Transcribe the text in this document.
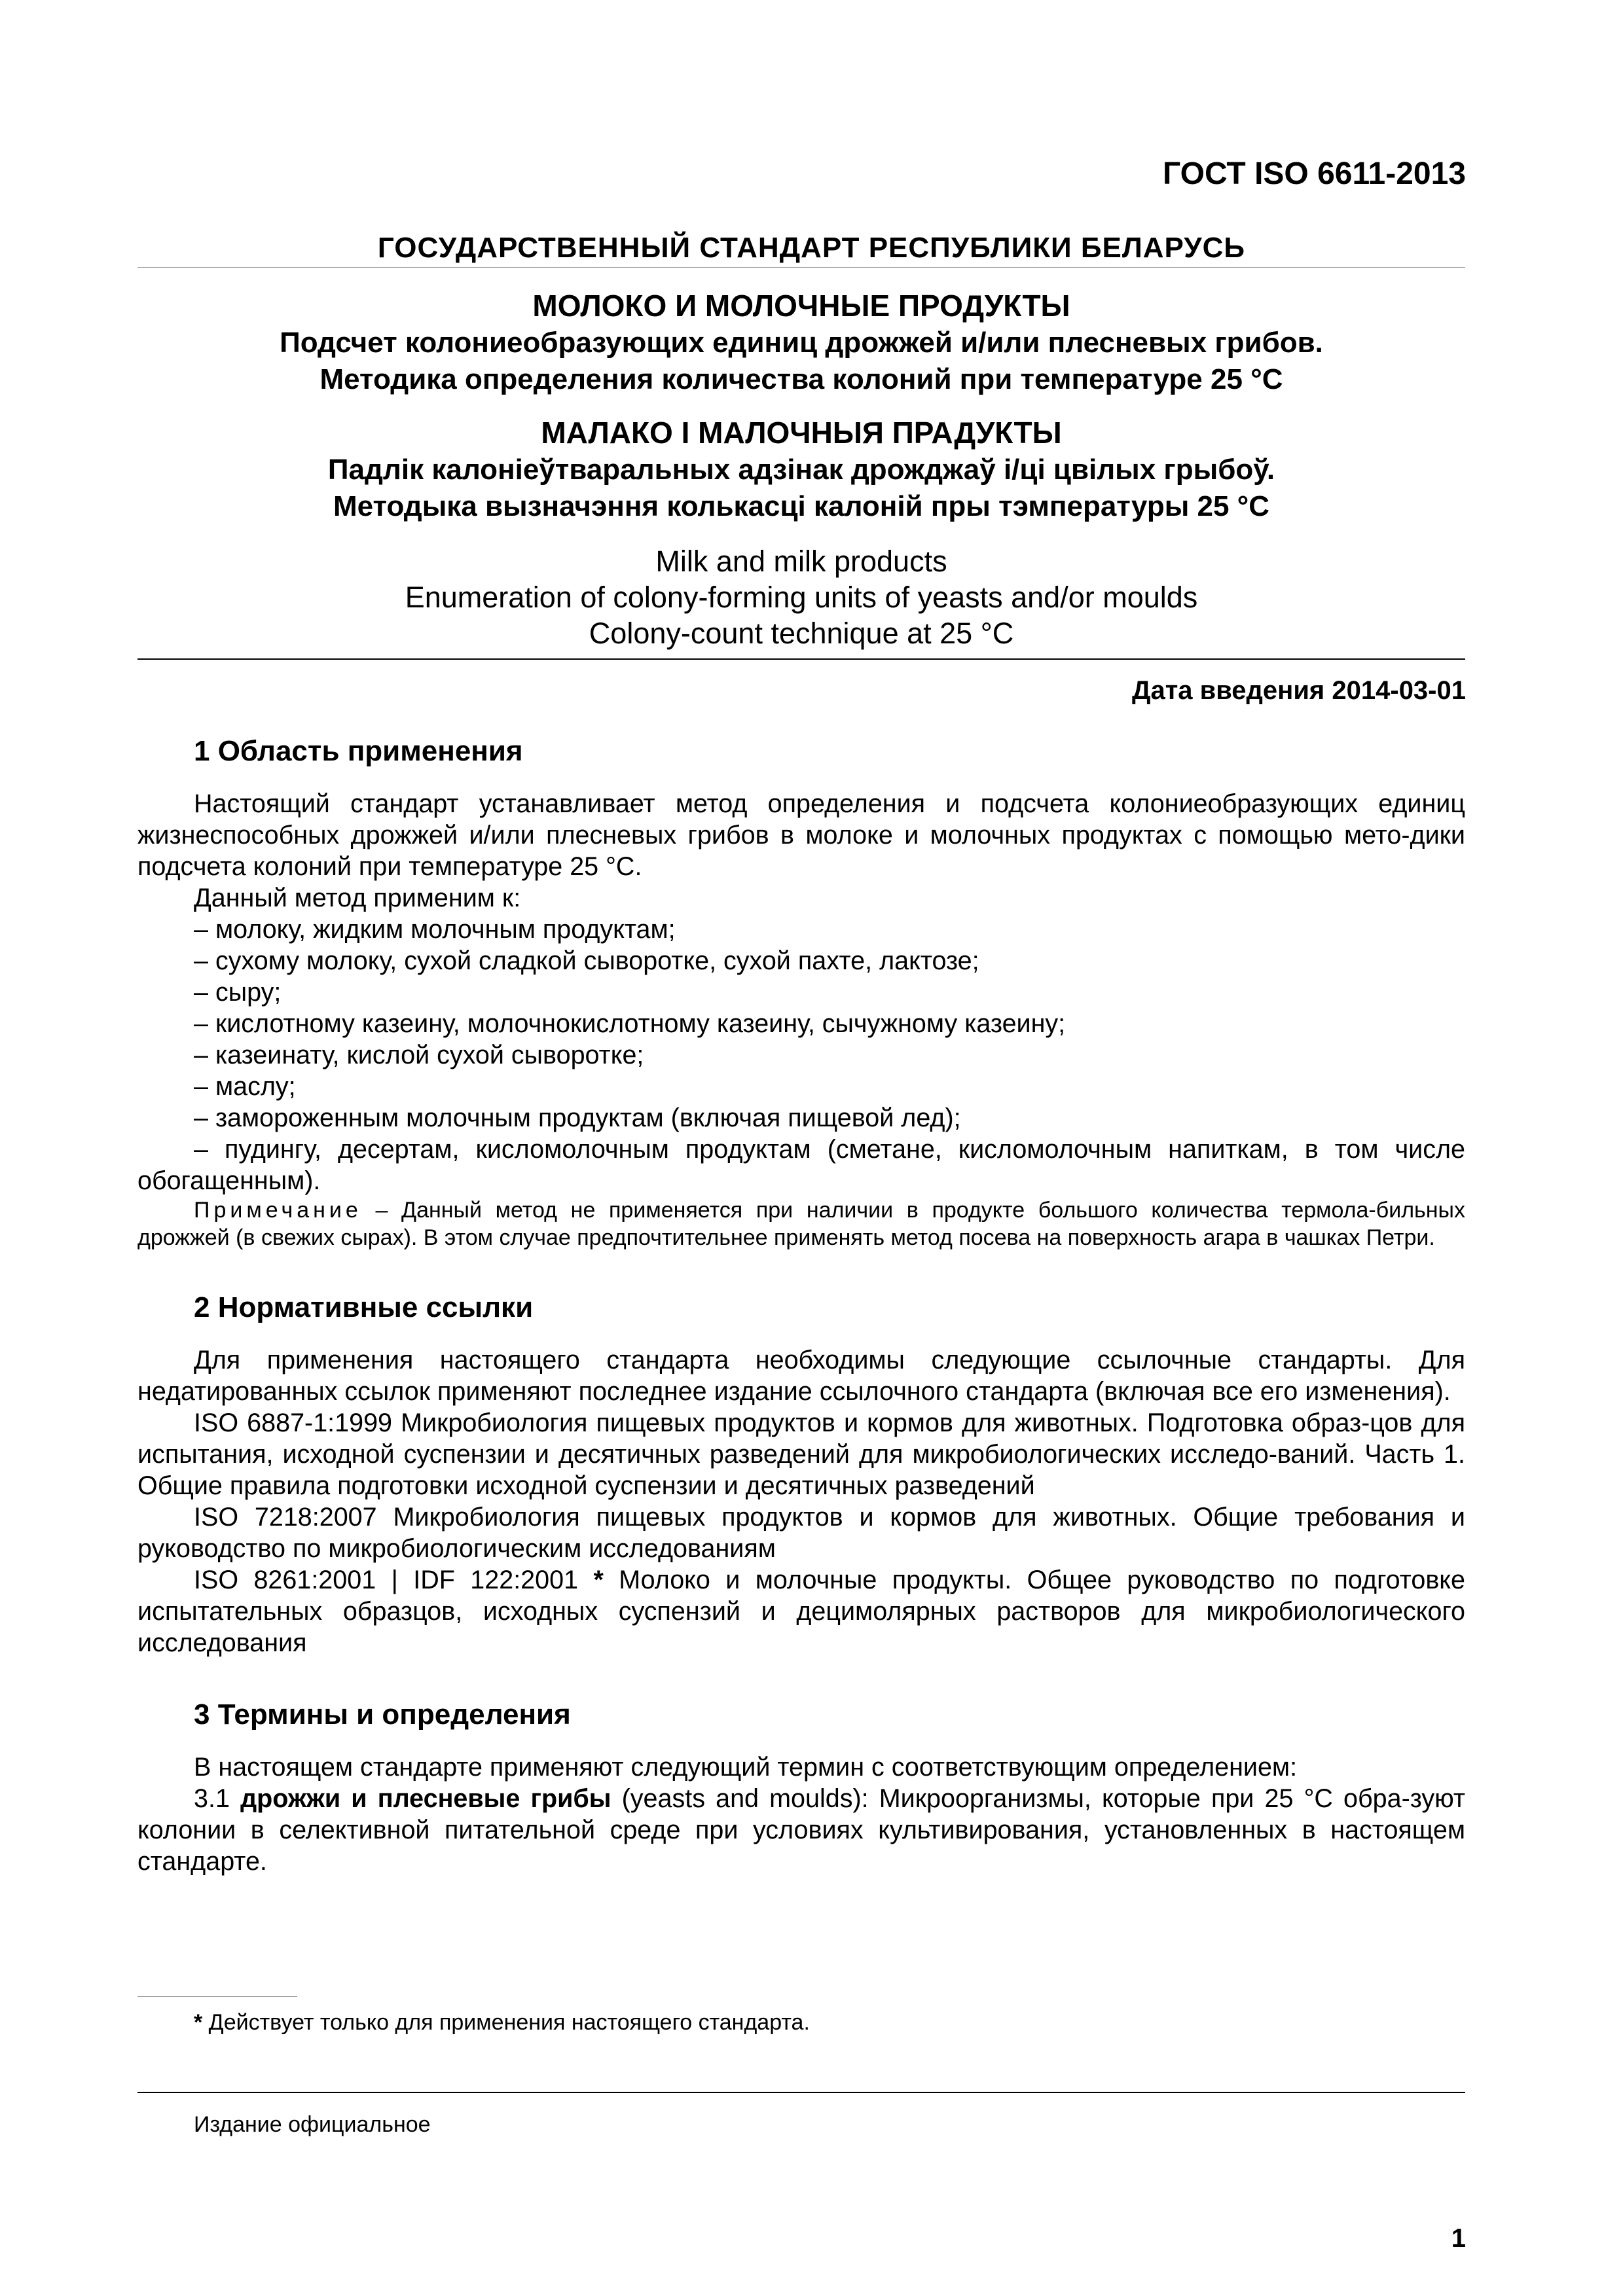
ГОСТ ISO 6611-2013
ГОСУДАРСТВЕННЫЙ СТАНДАРТ РЕСПУБЛИКИ БЕЛАРУСЬ
МОЛОКО И МОЛОЧНЫЕ ПРОДУКТЫ
Подсчет колониеобразующих единиц дрожжей и/или плесневых грибов.
Методика определения количества колоний при температуре 25 °С
МАЛАКО І МАЛОЧНЫЯ ПРАДУКТЫ
Падлік калонiеўтваральных адзiнак дрожджаў і/ці цвілых грыбоў.
Методыка вызначэння колькасці калоній пры тэмпературы 25 °С
Milk and milk products
Enumeration of colony-forming units of yeasts and/or moulds
Colony-count technique at 25 °C
Дата введения 2014-03-01
1 Область применения

Настоящий стандарт устанавливает метод определения и подсчета колониеобразующих единиц жизнеспособных дрожжей и/или плесневых грибов в молоке и молочных продуктах с помощью мето-дики подсчета колоний при температуре 25 °С.

Данный метод применим к:

– молоку, жидким молочным продуктам;

– сухому молоку, сухой сладкой сыворотке, сухой пахте, лактозе;

– сыру;

– кислотному казеину, молочнокислотному казеину, сычужному казеину;

– казеинату, кислой сухой сыворотке;

– маслу;

– замороженным молочным продуктам (включая пищевой лед);

– пудингу, десертам, кисломолочным продуктам (сметане, кисломолочным напиткам, в том числе обогащенным).

Примечание – Данный метод не применяется при наличии в продукте большого количества термола-бильных дрожжей (в свежих сырах). В этом случае предпочтительнее применять метод посева на поверхность агара в чашках Петри.

2 Нормативные ссылки

Для применения настоящего стандарта необходимы следующие ссылочные стандарты. Для недатированных ссылок применяют последнее издание ссылочного стандарта (включая все его изменения).

ISO 6887-1:1999 Микробиология пищевых продуктов и кормов для животных. Подготовка образ-цов для испытания, исходной суспензии и десятичных разведений для микробиологических исследо-ваний. Часть 1. Общие правила подготовки исходной суспензии и десятичных разведений

ISO 7218:2007 Микробиология пищевых продуктов и кормов для животных. Общие требования и руководство по микробиологическим исследованиям

ISO 8261:2001 | IDF 122:2001 * Молоко и молочные продукты. Общее руководство по подготовке испытательных образцов, исходных суспензий и децимолярных растворов для микробиологического исследования

3 Термины и определения

В настоящем стандарте применяют следующий термин с соответствующим определением:

3.1 дрожжи и плесневые грибы (yeasts and moulds): Микроорганизмы, которые при 25 °С обра-зуют колонии в селективной питательной среде при условиях культивирования, установленных в настоящем стандарте.

* Действует только для применения настоящего стандарта.
Издание официальное
1
